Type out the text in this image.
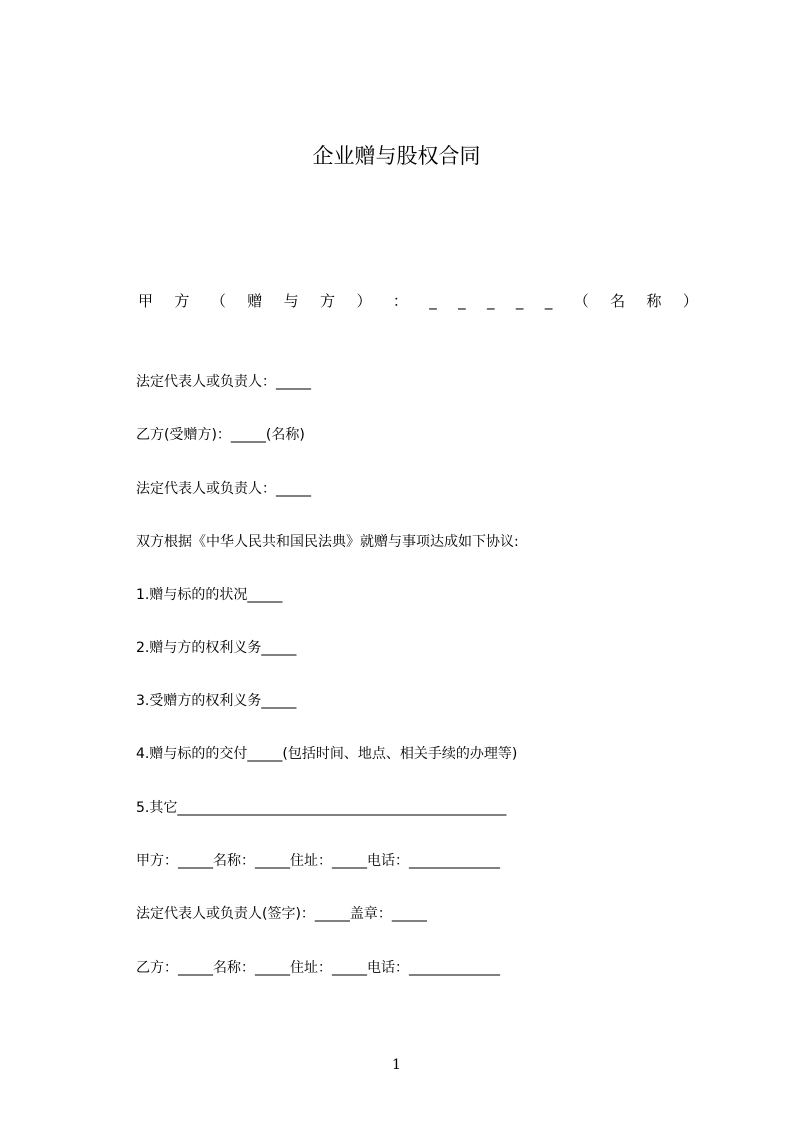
企业赠与股权合同
甲 方 （ 赠 与 方 ） ： _ _ _ _ _ （ 名 称 ）
法定代表人或负责人：_____
乙方(受赠方)：_____(名称)
法定代表人或负责人：_____
双方根据《中华人民共和国民法典》就赠与事项达成如下协议:
1.赠与标的的状况_____
2.赠与方的权利义务_____
3.受赠方的权利义务_____
4.赠与标的的交付_____(包括时间、地点、相关手续的办理等)
5.其它_______________________________________________
甲方：_____名称：_____住址：_____电话：_____________
法定代表人或负责人(签字)：_____盖章：_____
乙方：_____名称：_____住址：_____电话：_____________
1
